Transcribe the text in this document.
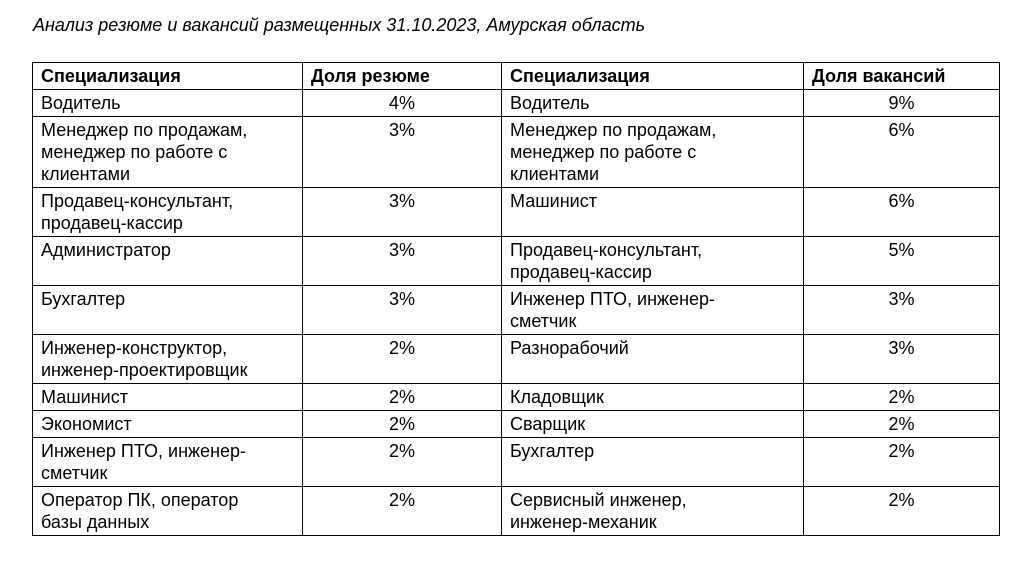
Анализ резюме и вакансий размещенных 31.10.2023, Амурская область
Специализация	Доля резюме	Специализация	Доля вакансий

Водитель	4%	Водитель	9%

Менеджер по продажам,
менеджер по работе с
клиентами	3%	Менеджер по продажам,
менеджер по работе с
клиентами	6%

Продавец-консультант,
продавец-кассир	3%	Машинист	6%

Администратор	3%	Продавец-консультант,
продавец-кассир	5%

Бухгалтер	3%	Инженер ПТО, инженер-
сметчик	3%

Инженер-конструктор,
инженер-проектировщик	2%	Разнорабочий	3%

Машинист	2%	Кладовщик	2%

Экономист	2%	Сварщик	2%

Инженер ПТО, инженер-
сметчик	2%	Бухгалтер	2%

Оператор ПК, оператор
базы данных	2%	Сервисный инженер,
инженер-механик	2%
